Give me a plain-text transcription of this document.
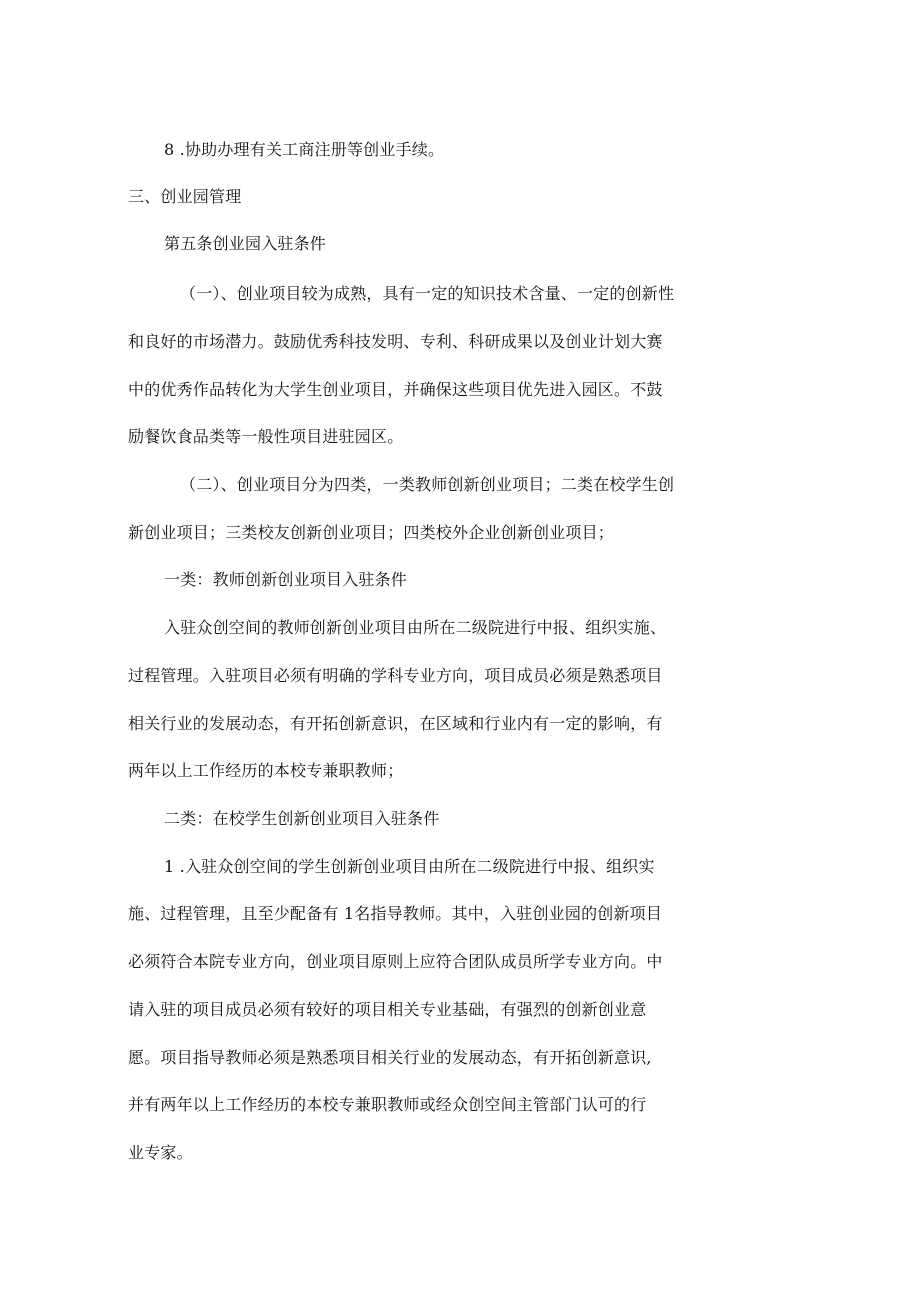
8 .协助办理有关工商注册等创业手续。
三、创业园管理
第五条创业园入驻条件
（一）、创业项目较为成熟，具有一定的知识技术含量、一定的创新性
和良好的市场潜力。鼓励优秀科技发明、专利、科研成果以及创业计划大赛
中的优秀作品转化为大学生创业项目，并确保这些项目优先进入园区。不鼓
励餐饮食品类等一般性项目进驻园区。
（二）、创业项目分为四类，一类教师创新创业项目；二类在校学生创
新创业项目；三类校友创新创业项目；四类校外企业创新创业项目；
一类：教师创新创业项目入驻条件
入驻众创空间的教师创新创业项目由所在二级院进行中报、组织实施、
过程管理。入驻项目必须有明确的学科专业方向，项目成员必须是熟悉项目
相关行业的发展动态，有开拓创新意识，在区域和行业内有一定的影响，有
两年以上工作经历的本校专兼职教师；
二类：在校学生创新创业项目入驻条件
1 .入驻众创空间的学生创新创业项目由所在二级院进行中报、组织实
施、过程管理，且至少配备有 1名指导教师。其中，入驻创业园的创新项目
必须符合本院专业方向，创业项目原则上应符合团队成员所学专业方向。中
请入驻的项目成员必须有较好的项目相关专业基础，有强烈的创新创业意
愿。项目指导教师必须是熟悉项目相关行业的发展动态，有开拓创新意识,
并有两年以上工作经历的本校专兼职教师或经众创空间主管部门认可的行
业专家。
